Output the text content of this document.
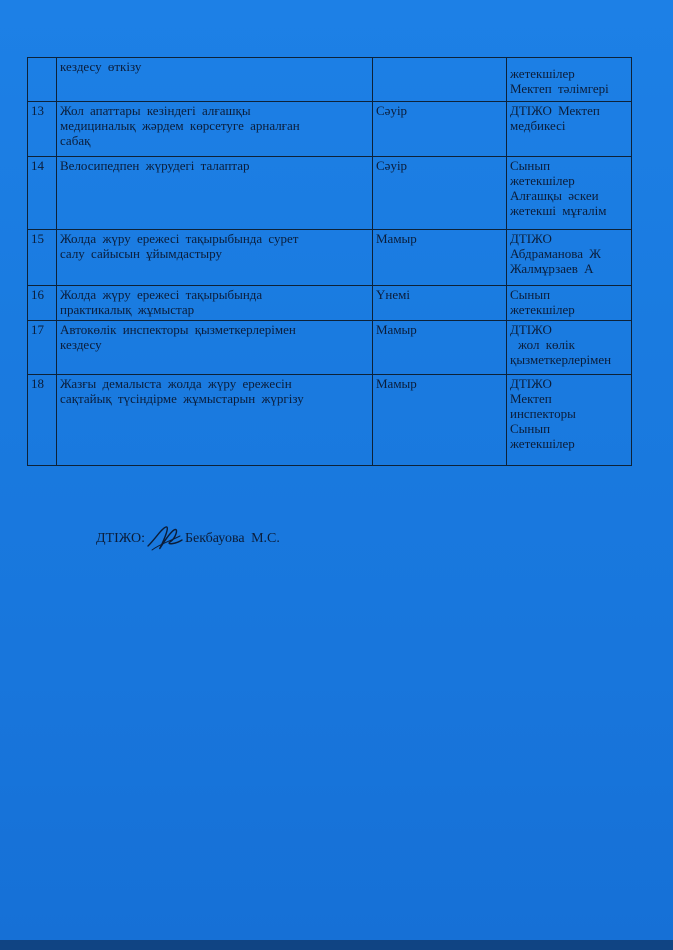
	кездесу өткізу		жетекшілер
Мектеп тәлімгері

13	Жол апаттары кезіндегі алғашқы
медициналық жәрдем көрсетуге арналған
сабақ	Сәуір	ДТІЖО Мектеп
медбикесі

14	Велосипедпен жүрудегі талаптар	Сәуір	Сынып
жетекшілер
Алғашқы әскеи
жетекші мұғалім

15	Жолда жүру ережесі тақырыбында сурет
салу сайысын ұйымдастыру	Мамыр	ДТІЖО
Абдраманова Ж
Жалмұрзаев А

16	Жолда жүру ережесі тақырыбында
практикалық жұмыстар	Үнемі	Сынып
жетекшілер

17	Автокөлік инспекторы қызметкерлерімен
кездесу	Мамыр	ДТІЖО
жол көлік
қызметкерлерімен

18	Жазғы демалыста жолда жүру ережесін
сақтайық түсіндірме жұмыстарын жүргізу	Мамыр	ДТІЖО
Мектеп
инспекторы
Сынып
жетекшілер
ДТІЖО:	Бекбауова М.С.
